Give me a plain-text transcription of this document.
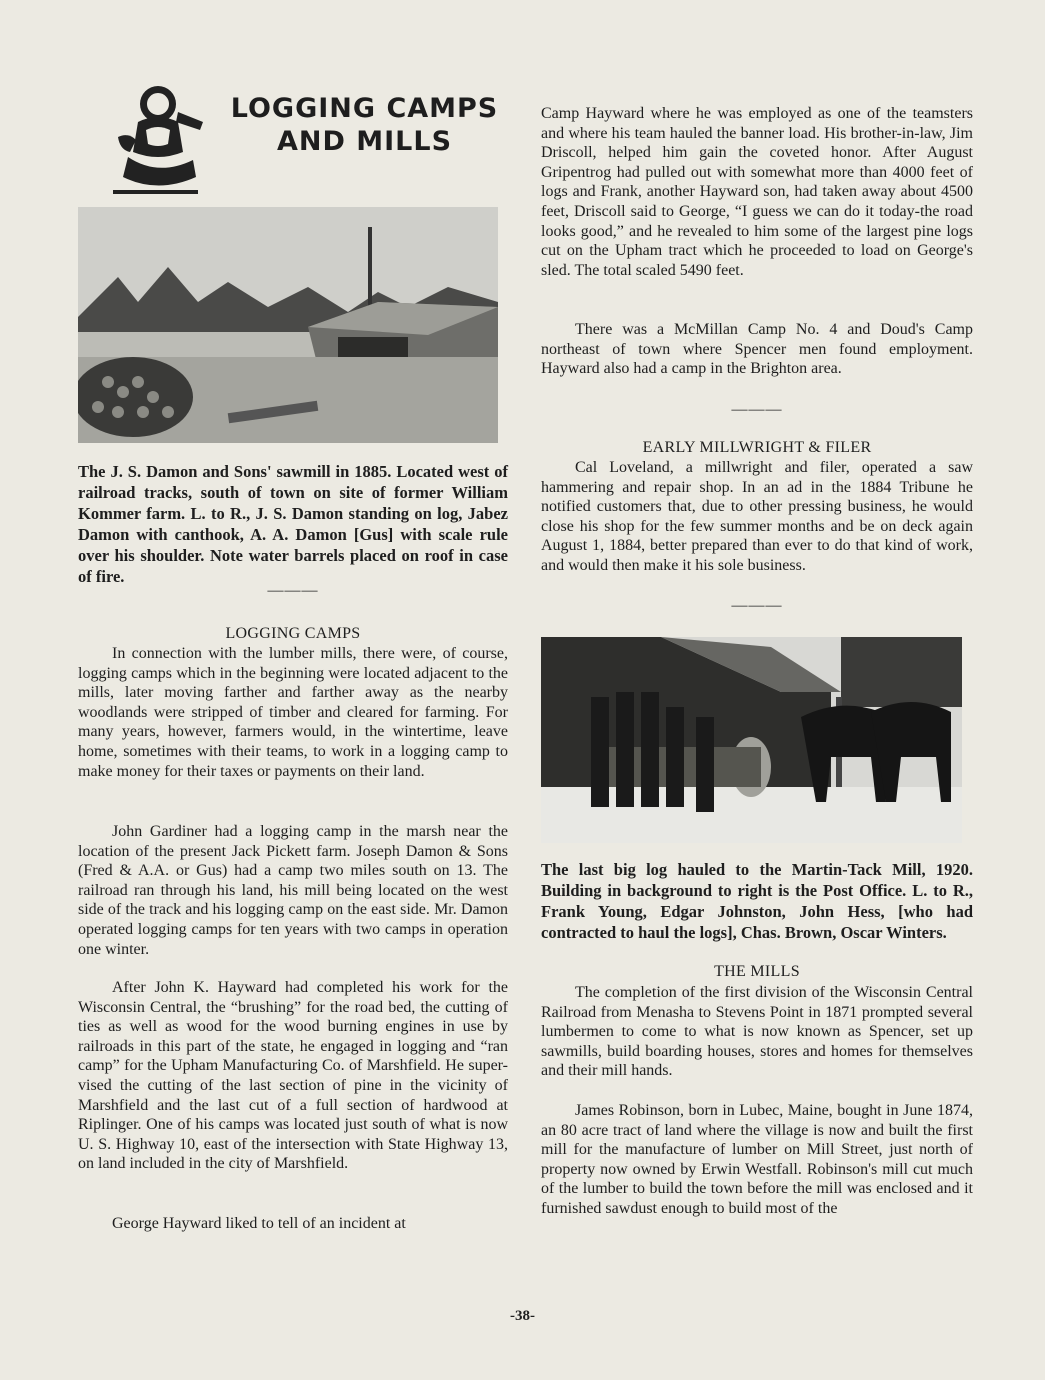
LOGGING CAMPS
AND MILLS
The J. S. Damon and Sons' sawmill in 1885. Located west of railroad tracks, south of town on site of former William Kommer farm. L. to R., J. S. Damon standing on log, Jabez Damon with canthook, A. A. Damon [Gus] with scale rule over his shoulder. Note water barrels placed on roof in case of fire.
———
LOGGING CAMPS

In connection with the lumber mills, there were, of course, logging camps which in the beginning were located adjacent to the mills, later moving farther and farther away as the nearby woodlands were stripped of timber and cleared for farming. For many years, however, farmers would, in the wintertime, leave home, sometimes with their teams, to work in a logging camp to make money for their taxes or payments on their land.

John Gardiner had a logging camp in the marsh near the location of the present Jack Pickett farm. Joseph Damon & Sons (Fred & A.A. or Gus) had a camp two miles south on 13. The railroad ran through his land, his mill being located on the west side of the track and his logging camp on the east side. Mr. Damon operated logging camps for ten years with two camps in operation one winter.

After John K. Hayward had completed his work for the Wisconsin Central, the “brushing” for the road bed, the cutting of ties as well as wood for the wood burning engines in use by railroads in this part of the state, he engaged in logging and “ran camp” for the Upham Manufacturing Co. of Marshfield. He super-vised the cutting of the last section of pine in the vicinity of Marshfield and the last cut of a full section of hardwood at Riplinger. One of his camps was located just south of what is now U. S. Highway 10, east of the intersection with State Highway 13, on land included in the city of Marshfield.

George Hayward liked to tell of an incident at

Camp Hayward where he was employed as one of the teamsters and where his team hauled the banner load. His brother-in-law, Jim Driscoll, helped him gain the coveted honor. After August Gripentrog had pulled out with somewhat more than 4000 feet of logs and Frank, another Hayward son, had taken away about 4500 feet, Driscoll said to George, “I guess we can do it today-the road looks good,” and he revealed to him some of the largest pine logs cut on the Upham tract which he proceeded to load on George's sled. The total scaled 5490 feet.

There was a McMillan Camp No. 4 and Doud's Camp northeast of town where Spencer men found employment. Hayward also had a camp in the Brighton area.

———
EARLY MILLWRIGHT & FILER

Cal Loveland, a millwright and filer, operated a saw hammering and repair shop. In an ad in the 1884 Tribune he notified customers that, due to other pressing business, he would close his shop for the few summer months and be on deck again August 1, 1884, better prepared than ever to do that kind of work, and would then make it his sole business.

———
The last big log hauled to the Martin-Tack Mill, 1920. Building in background to right is the Post Office. L. to R., Frank Young, Edgar Johnston, John Hess, [who had contracted to haul the logs], Chas. Brown, Oscar Winters.
THE MILLS

The completion of the first division of the Wisconsin Central Railroad from Menasha to Stevens Point in 1871 prompted several lumbermen to come to what is now known as Spencer, set up sawmills, build boarding houses, stores and homes for themselves and their mill hands.

James Robinson, born in Lubec, Maine, bought in June 1874, an 80 acre tract of land where the village is now and built the first mill for the manufacture of lumber on Mill Street, just north of property now owned by Erwin Westfall. Robinson's mill cut much of the lumber to build the town before the mill was enclosed and it furnished sawdust enough to build most of the

-38-
